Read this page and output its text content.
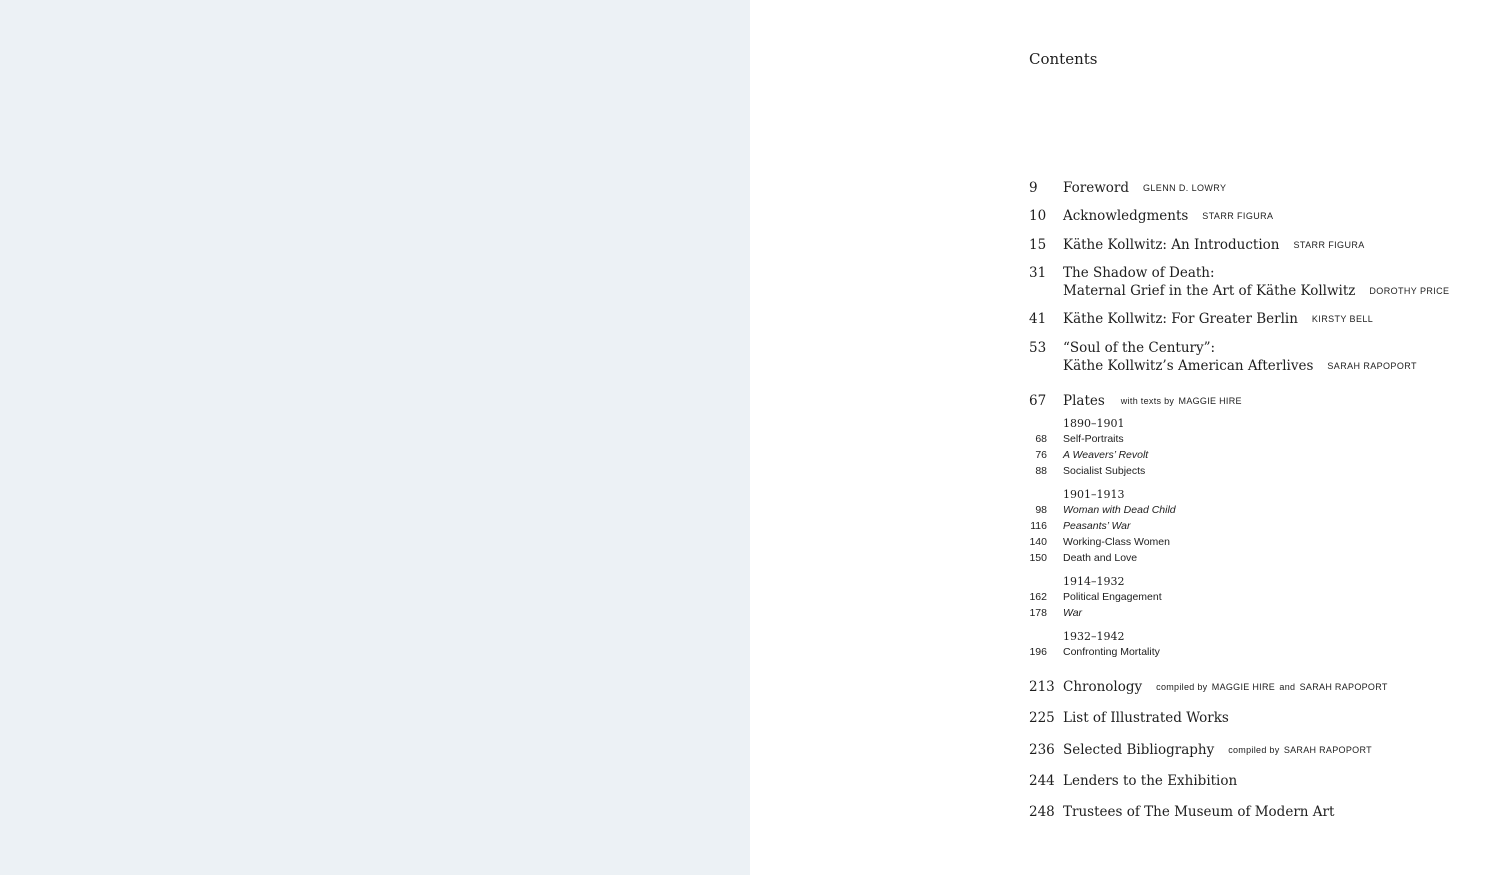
Contents
9	Foreword GLENN D. LOWRY
10	Acknowledgments STARR FIGURA
15	Käthe Kollwitz: An Introduction STARR FIGURA
31	The Shadow of Death:
Maternal Grief in the Art of Käthe Kollwitz DOROTHY PRICE
41	Käthe Kollwitz: For Greater Berlin KIRSTY BELL
53	“Soul of the Century”:
Käthe Kollwitz’s American Afterlives SARAH RAPOPORT
67	Plates with texts by MAGGIE HIRE
1890–1901
68 Self-Portraits
76 A Weavers’ Revolt
88 Socialist Subjects
1901–1913
98 Woman with Dead Child
116 Peasants’ War
140 Working-Class Women
150 Death and Love
1914–1932
162 Political Engagement
178 War
1932–1942
196 Confronting Mortality
213 Chronology compiled by MAGGIE HIRE and SARAH RAPOPORT
225 List of Illustrated Works
236 Selected Bibliography compiled by SARAH RAPOPORT
244 Lenders to the Exhibition
248 Trustees of The Museum of Modern Art
